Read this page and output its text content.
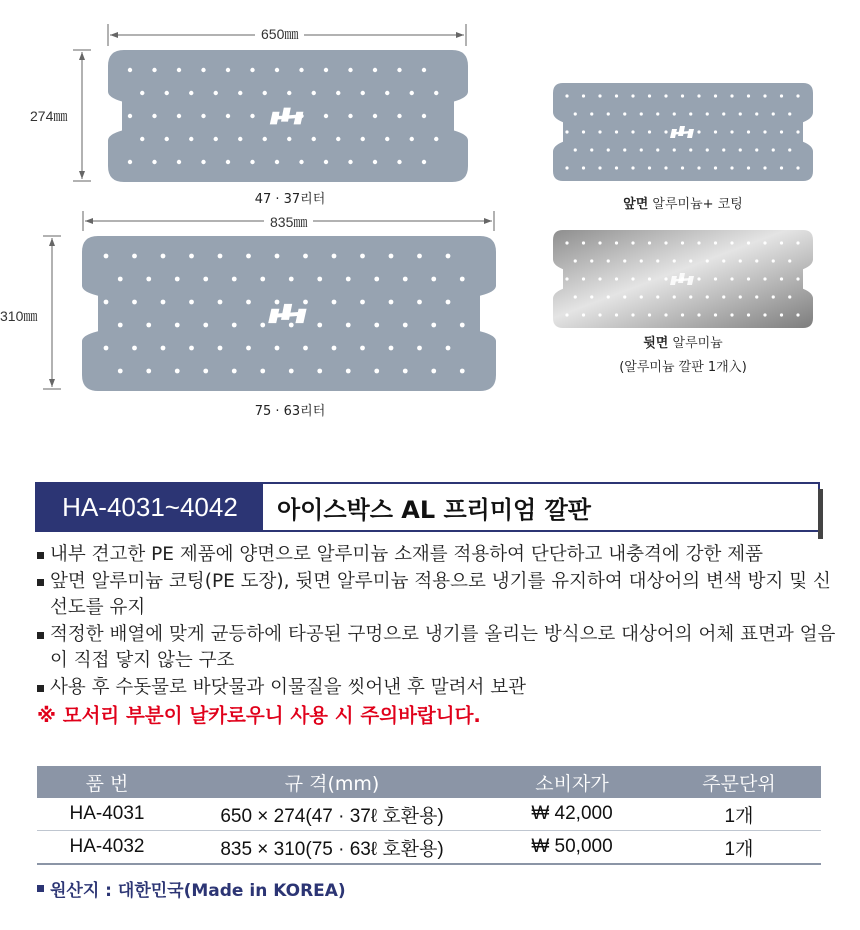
650㎜
274㎜
47 · 37리터
835㎜
310㎜
75 · 63리터
앞면 알루미늄+ 코팅
뒷면 알루미늄
(알루미늄 깔판 1개入)
HA-4031~4042	아이스박스 AL 프리미엄 깔판
내부 견고한 PE 제품에 양면으로 알루미늄 소재를 적용하여 단단하고 내충격에 강한 제품
앞면 알루미늄 코팅(PE 도장), 뒷면 알루미늄 적용으로 냉기를 유지하여 대상어의 변색 방지 및 신선도를 유지
적정한 배열에 맞게 균등하에 타공된 구멍으로 냉기를 올리는 방식으로 대상어의 어체 표면과 얼음이 직접 닿지 않는 구조
사용 후 수돗물로 바닷물과 이물질을 씻어낸 후 말려서 보관
※ 모서리 부분이 날카로우니 사용 시 주의바랍니다.
품 번	규 격(mm)	소비자가	주문단위
HA-4031	650 × 274(47 · 37ℓ 호환용)	₩ 42,000	1개
HA-4032	835 × 310(75 · 63ℓ 호환용)	₩ 50,000	1개
원산지 : 대한민국(Made in KOREA)
